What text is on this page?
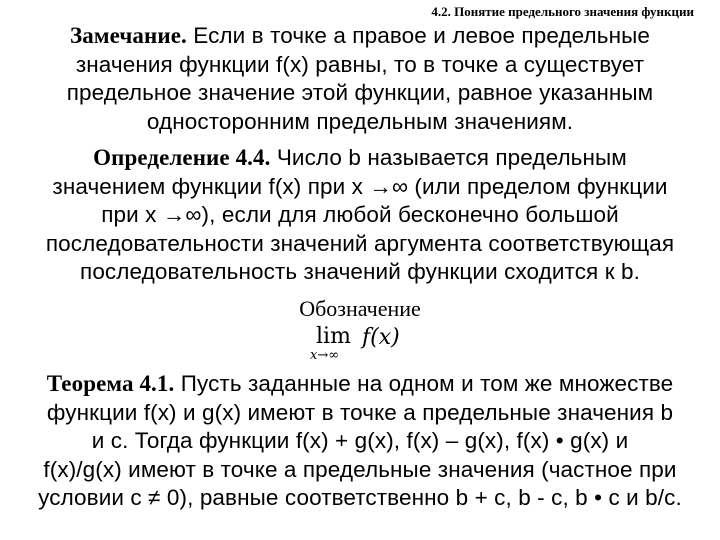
4.2. Понятие предельного значения функции
Замечание. Если в точке a правое и левое предельные
значения функции f(x) равны, то в точке a существует
предельное значение этой функции, равное указанным
односторонним предельным значениям.
Определение 4.4. Число b называется предельным
значением функции f(x) при x →∞ (или пределом функции
при x →∞), если для любой бесконечно большой
последовательности значений аргумента соответствующая
последовательность значений функции сходится к b.
Обозначение
lim
x→∞
f(x)
Теорема 4.1. Пусть заданные на одном и том же множестве
функции f(x) и g(x) имеют в точке a предельные значения b
и c. Тогда функции f(x) + g(x), f(x) – g(x), f(x) • g(x) и
f(x)/g(x) имеют в точке a предельные значения (частное при
условии c ≠ 0), равные соответственно b + c, b - c, b • c и b/c.
